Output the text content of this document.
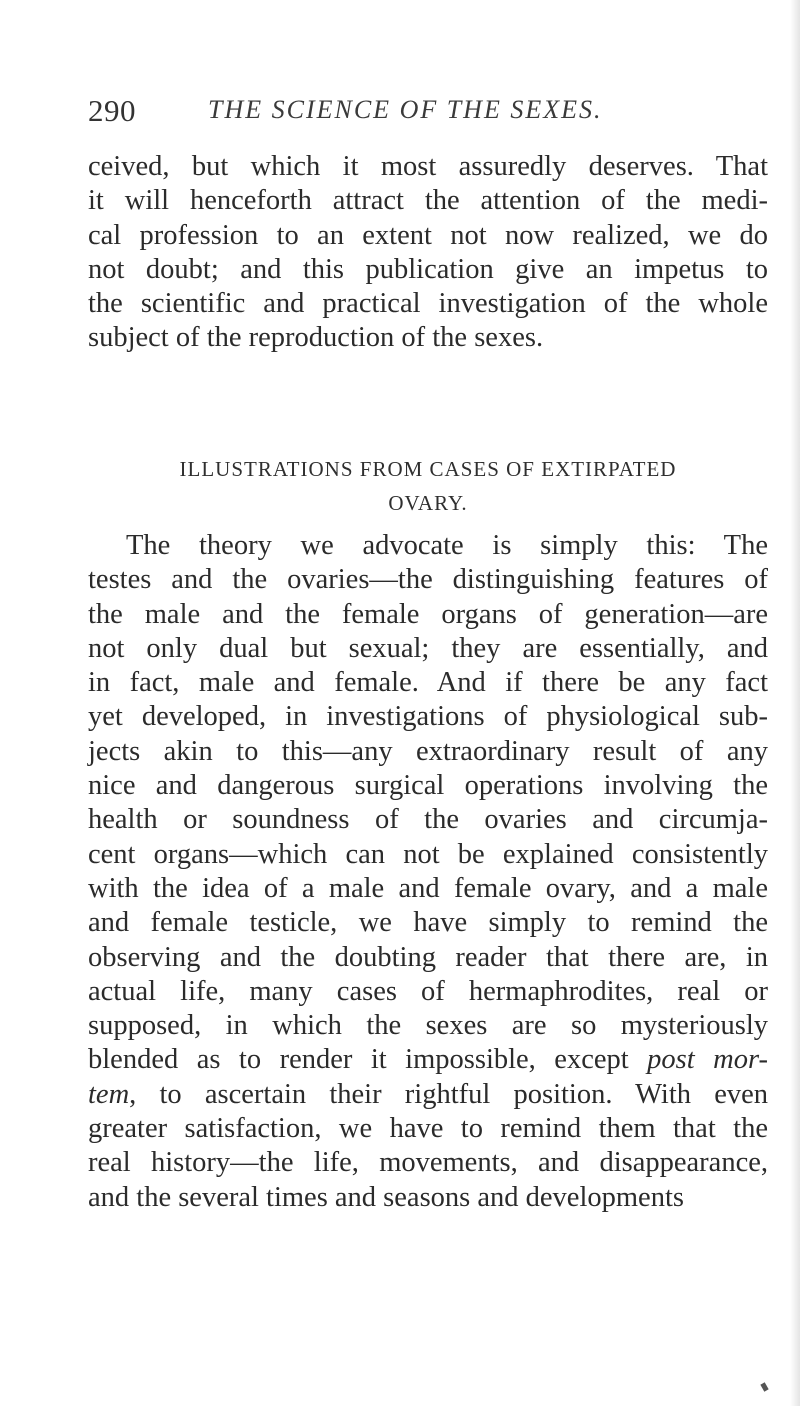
290	THE SCIENCE OF THE SEXES.
ceived, but which it most assuredly deserves. That
it will henceforth attract the attention of the medi-
cal profession to an extent not now realized, we do
not doubt; and this publication give an impetus to
the scientific and practical investigation of the whole
subject of the reproduction of the sexes.
ILLUSTRATIONS FROM CASES OF EXTIRPATED
OVARY.
The theory we advocate is simply this: The
testes and the ovaries—the distinguishing features of
the male and the female organs of generation—are
not only dual but sexual; they are essentially, and
in fact, male and female. And if there be any fact
yet developed, in investigations of physiological sub-
jects akin to this—any extraordinary result of any
nice and dangerous surgical operations involving the
health or soundness of the ovaries and circumja-
cent organs—which can not be explained consistently
with the idea of a male and female ovary, and a male
and female testicle, we have simply to remind the
observing and the doubting reader that there are, in
actual life, many cases of hermaphrodites, real or
supposed, in which the sexes are so mysteriously
blended as to render it impossible, except post mor-
tem, to ascertain their rightful position. With even
greater satisfaction, we have to remind them that the
real history—the life, movements, and disappearance,
and the several times and seasons and developments
